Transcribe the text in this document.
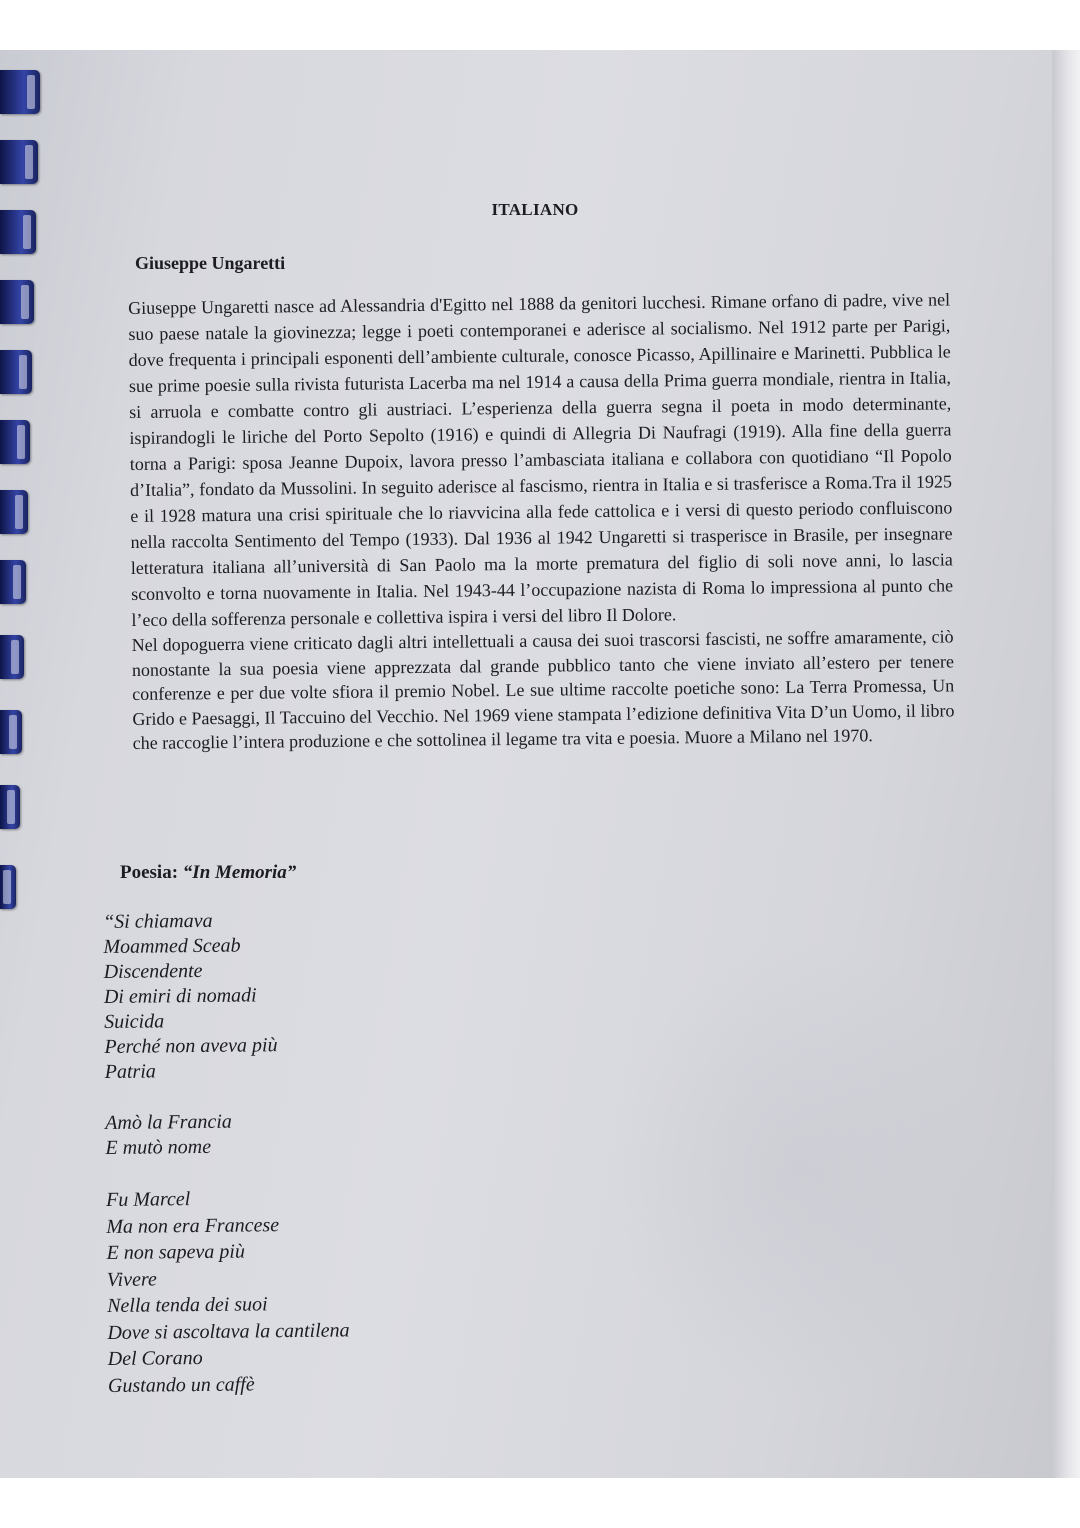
ITALIANO
Giuseppe Ungaretti

Giuseppe Ungaretti nasce ad Alessandria d'Egitto nel 1888 da genitori lucchesi. Rimane orfano di padre, vive nel suo paese natale la giovinezza; legge i poeti contemporanei e aderisce al socialismo. Nel 1912 parte per Parigi, dove frequenta i principali esponenti dell’ambiente culturale, conosce Picasso, Apillinaire e Marinetti. Pubblica le sue prime poesie sulla rivista futurista Lacerba ma nel 1914 a causa della Prima guerra mondiale, rientra in Italia, si arruola e combatte contro gli austriaci. L’esperienza della guerra segna il poeta in modo determinante, ispirandogli le liriche del Porto Sepolto (1916) e quindi di Allegria Di Naufragi (1919). Alla fine della guerra torna a Parigi: sposa Jeanne Dupoix, lavora presso l’ambasciata italiana e collabora con quotidiano “Il Popolo d’Italia”, fondato da Mussolini. In seguito aderisce al fascismo, rientra in Italia e si trasferisce a Roma.Tra il 1925 e il 1928 matura una crisi spirituale che lo riavvicina alla fede cattolica e i versi di questo periodo confluiscono nella raccolta Sentimento del Tempo (1933). Dal 1936 al 1942 Ungaretti si trasperisce in Brasile, per insegnare letteratura italiana all’università di San Paolo ma la morte prematura del figlio di soli nove anni, lo lascia sconvolto e torna nuovamente in Italia. Nel 1943-44 l’occupazione nazista di Roma lo impressiona al punto che l’eco della sofferenza personale e collettiva ispira i versi del libro Il Dolore.

Nel dopoguerra viene criticato dagli altri intellettuali a causa dei suoi trascorsi fascisti, ne soffre amaramente, ciò nonostante la sua poesia viene apprezzata dal grande pubblico tanto che viene inviato all’estero per tenere conferenze e per due volte sfiora il premio Nobel. Le sue ultime raccolte poetiche sono: La Terra Promessa, Un Grido e Paesaggi, Il Taccuino del Vecchio. Nel 1969 viene stampata l’edizione definitiva Vita D’un Uomo, il libro che raccoglie l’intera produzione e che sottolinea il legame tra vita e poesia. Muore a Milano nel 1970.

Poesia: “In Memoria”
“Si chiamava
Moammed Sceab
Discendente
Di emiri di nomadi
Suicida
Perché non aveva più
Patria
Amò la Francia
E mutò nome
Fu Marcel
Ma non era Francese
E non sapeva più
Vivere
Nella tenda dei suoi
Dove si ascoltava la cantilena
Del Corano
Gustando un caffè
